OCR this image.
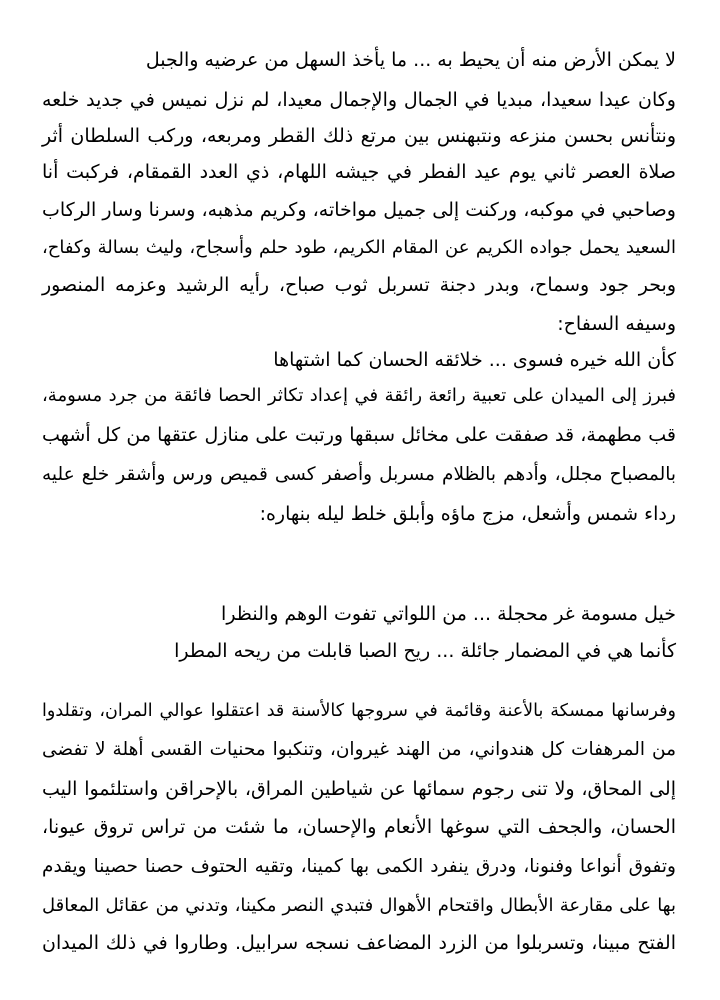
لا يمكن الأرض منه أن يحيط به ... ما يأخذ السهل من عرضيه والجبل
وكان عيدا سعيدا، مبديا في الجمال والإجمال معيدا، لم نزل نميس في جديد خلعه
ونتأنس بحسن منزعه ونتبهنس بين مرتع ذلك القطر ومربعه، وركب السلطان أثر
صلاة العصر ثاني يوم عيد الفطر في جيشه اللهام، ذي العدد القمقام، فركبت أنا
وصاحبي في موكبه، وركنت إلى جميل مواخاته، وكريم مذهبه، وسرنا وسار الركاب
السعيد يحمل جواده الكريم عن المقام الكريم، طود حلم وأسجاح، وليث بسالة وكفاح،
وبحر جود وسماح، وبدر دجنة تسربل ثوب صباح، رأيه الرشيد وعزمه المنصور
وسيفه السفاح:
كأن الله خيره فسوى ... خلائقه الحسان كما اشتهاها
فبرز إلى الميدان على تعبية رائعة رائقة في إعداد تكاثر الحصا فائقة من جرد مسومة،
قب مطهمة، قد صفقت على مخائل سبقها ورتبت على منازل عتقها من كل أشهب
بالمصباح مجلل، وأدهم بالظلام مسربل وأصفر كسى قميص ورس وأشقر خلع عليه
رداء شمس وأشعل، مزج ماؤه وأبلق خلط ليله بنهاره:
خيل مسومة غر محجلة ... من اللواتي تفوت الوهم والنظرا
كأنما هي في المضمار جائلة ... ريح الصبا قابلت من ريحه المطرا
وفرسانها ممسكة بالأعنة وقائمة في سروجها كالأسنة قد اعتقلوا عوالي المران، وتقلدوا
من المرهفات كل هندواني، من الهند غيروان، وتنكبوا محنيات القسى أهلة لا تفضى
إلى المحاق، ولا تنى رجوم سمائها عن شياطين المراق، بالإحراقن واستلئموا اليب
الحسان، والجحف التي سوغها الأنعام والإحسان، ما شئت من تراس تروق عيونا،
وتفوق أنواعا وفنونا، ودرق ينفرد الكمى بها كمينا، وتقيه الحتوف حصنا حصينا ويقدم
بها على مقارعة الأبطال واقتحام الأهوال فتبدي النصر مكينا، وتدني من عقائل المعاقل
الفتح مبينا، وتسربلوا من الزرد المضاعف نسجه سرابيل. وطاروا في ذلك الميدان
